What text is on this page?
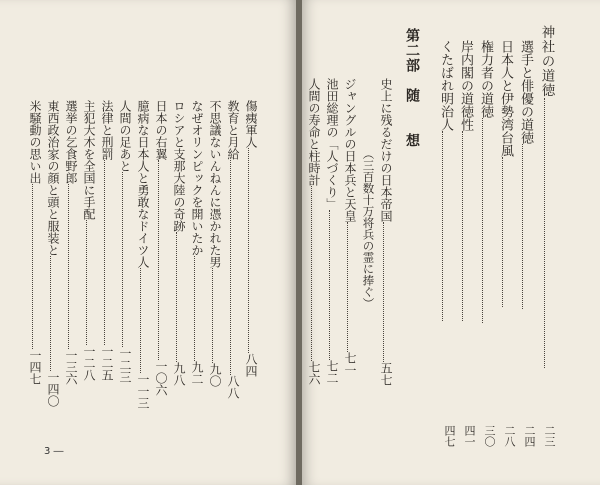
神社の道徳
二三
選手と俳優の道徳
二四
日本人と伊勢湾台風
二八
権力者の道徳
三〇
岸内閣の道徳性
四一
くたばれ明治人
四七
第二部　随　　想
史上に残るだけの日本帝国五七
（三百数十万将兵の霊に捧ぐ）
ジャングルの日本兵と天皇七一
池田総理の「人づくり」七二
人間の寿命と柱時計七六
傷痍軍人八四
教育と月給八八
不思議ないんねんに憑かれた男九〇
なぜオリンピックを開いたか九二
ロシアと支那大陸の奇跡九八
日本の右翼一〇六
臆病な日本人と勇敢なドイツ人一一三
人間の足あと一二三
法律と刑罰一二五
主犯大木を全国に手配一二八
選挙の乞食野郎一三六
東西政治家の顔と頭と服装と一四〇
米騒動の思い出一四七
3 ―
